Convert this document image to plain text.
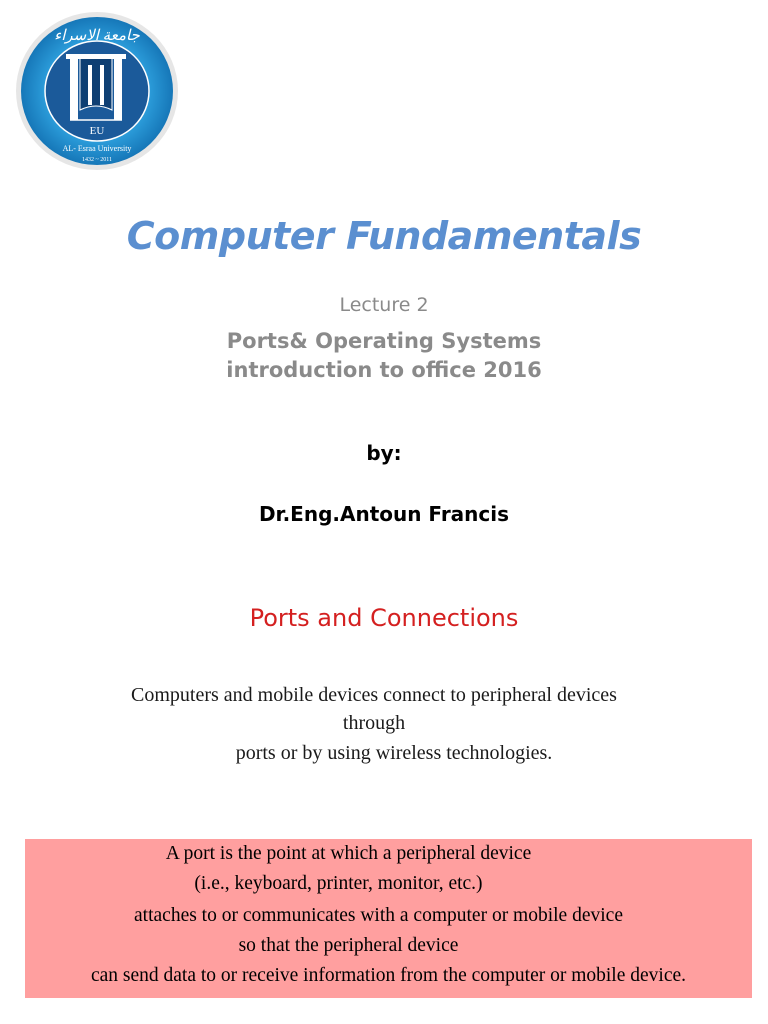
جامعة الاسراء
EU
AL- Esraa University
1432 ~ 2011
Computer Fundamentals
Lecture 2
Ports& Operating Systems
introduction to office 2016
by:
Dr.Eng.Antoun Francis
Ports and Connections
Computers and mobile devices connect to peripheral devices
through
ports or by using wireless technologies.
A port is the point at which a peripheral device
(i.e., keyboard, printer, monitor, etc.)
attaches to or communicates with a computer or mobile device
so that the peripheral device
can send data to or receive information from the computer or mobile device.
